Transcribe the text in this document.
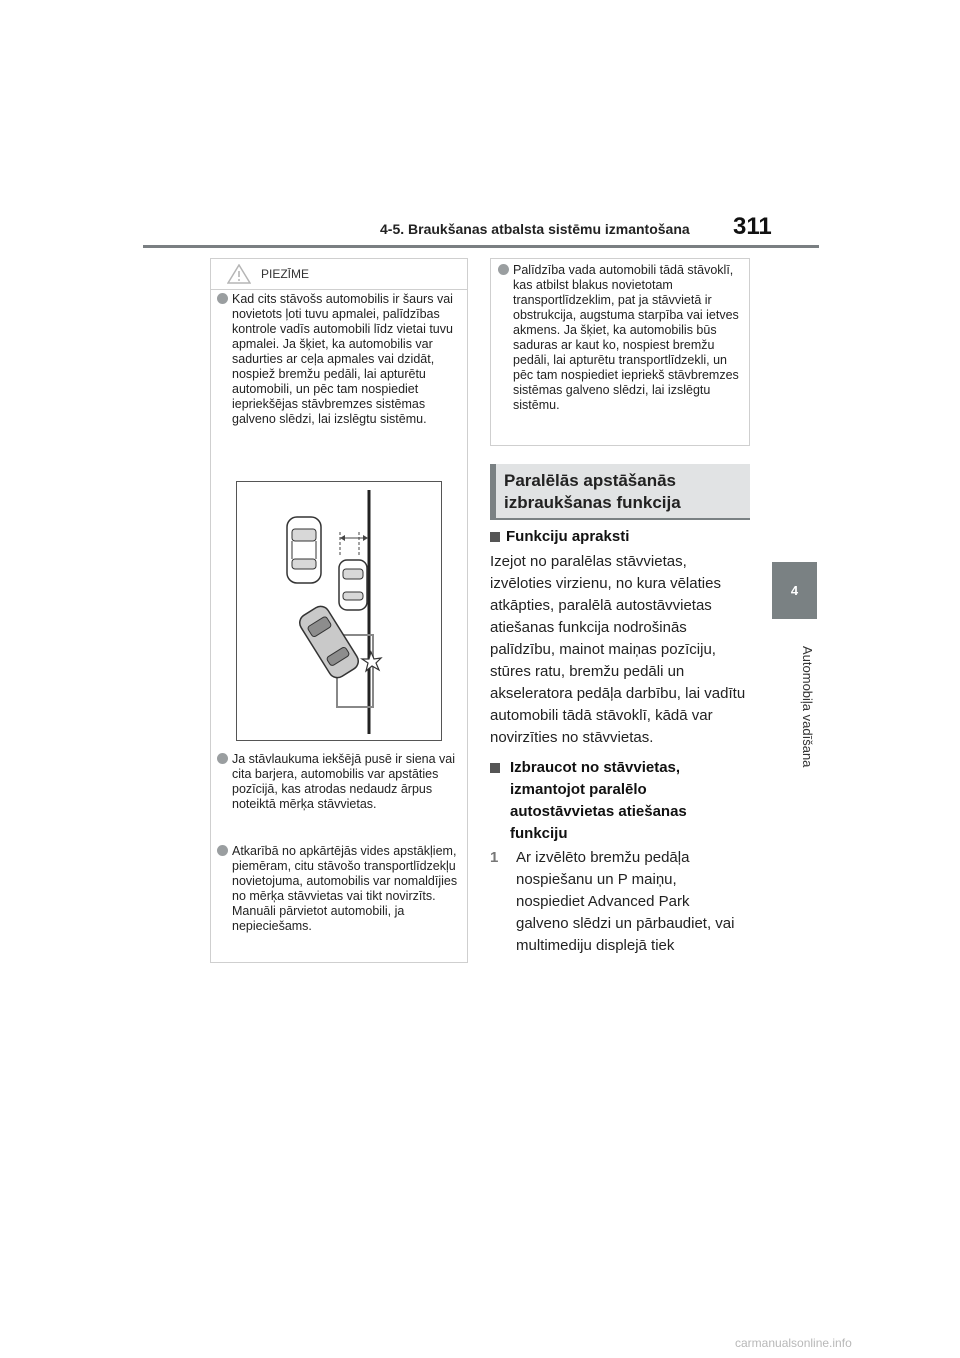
4-5. Braukšanas atbalsta sistēmu izmantošana 311
4
Automobiļa vadīšana
PIEZĪME
Kad cits stāvošs automobilis ir šaurs vai novietots ļoti tuvu apmalei, palīdzības kontrole vadīs automobili līdz vietai tuvu apmalei. Ja šķiet, ka automobilis var sadurties ar ceļa apmales vai dzidāt, nospiež bremžu pedāli, lai apturētu automobili, un pēc tam nospiediet iepriekšējas stāvbremzes sistēmas galveno slēdzi, lai izslēgtu sistēmu.
Ja stāvlaukuma iekšējā pusē ir siena vai cita barjera, automobilis var apstāties pozīcijā, kas atrodas nedaudz ārpus noteiktā mērķa stāvvietas.
Atkarībā no apkārtējās vides apstākļiem, piemēram, citu stāvošo transportlīdzekļu novietojuma, automobilis var nomaldījies no mērķa stāvvietas vai tikt novirzīts. Manuāli pārvietot automobili, ja nepieciešams.
Palīdzība vada automobili tādā stāvoklī, kas atbilst blakus novietotam transportlīdzeklim, pat ja stāvvietā ir obstrukcija, augstuma starpība vai ietves akmens. Ja šķiet, ka automobilis būs saduras ar kaut ko, nospiest bremžu pedāli, lai apturētu transportlīdzekli, un pēc tam nospiediet iepriekš stāvbremzes sistēmas galveno slēdzi, lai izslēgtu sistēmu.
Paralēlās apstāšanās izbraukšanas funkcija
Funkciju apraksti
Izejot no paralēlas stāvvietas, izvēloties virzienu, no kura vēlaties atkāpties, paralēlā autostāvvietas atiešanas funkcija nodrošinās palīdzību, mainot maiņas pozīciju, stūres ratu, bremžu pedāli un akseleratora pedāļa darbību, lai vadītu automobili tādā stāvoklī, kādā var novirzīties no stāvvietas.
Izbraucot no stāvvietas, izmantojot paralēlo autostāvvietas atiešanas funkciju
1 Ar izvēlēto bremžu pedāļa nospiešanu un P maiņu, nospiediet Advanced Park galveno slēdzi un pārbaudiet, vai multimediju displejā tiek
carmanualsonline.info
